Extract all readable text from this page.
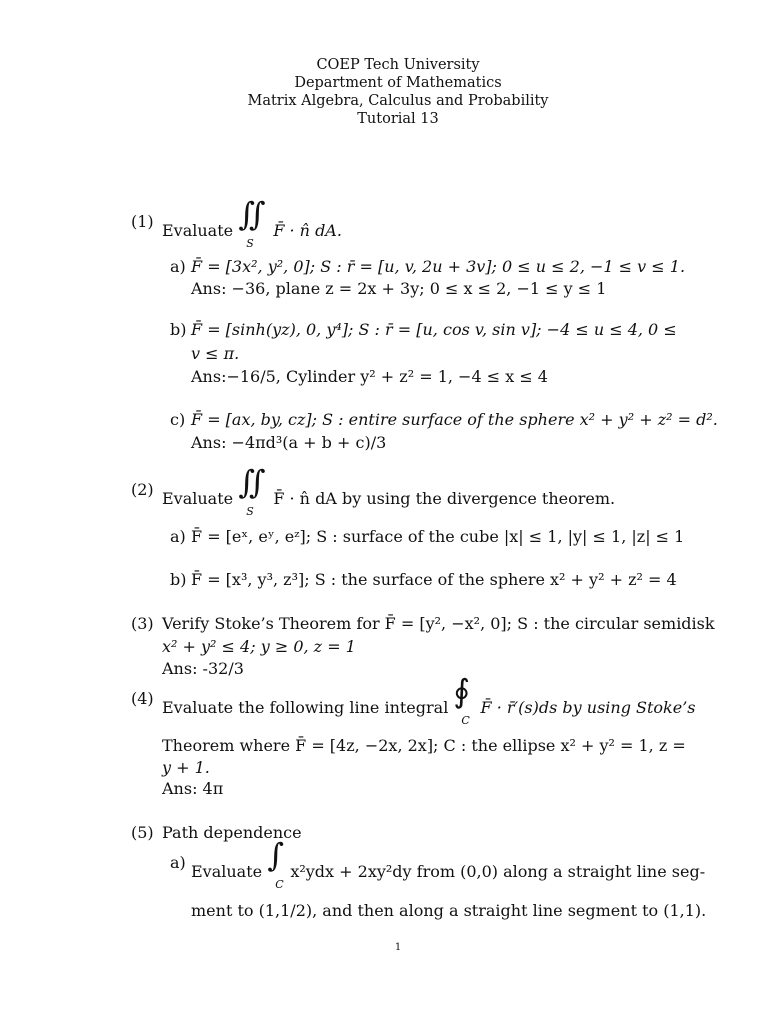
COEP Tech University
Department of Mathematics
Matrix Algebra, Calculus and Probability
Tutorial 13
(1) Evaluate ∬
S
F̄ · n̂ dA.
a) F̄ = [3x², y², 0]; S : r̄ = [u, v, 2u + 3v]; 0 ≤ u ≤ 2, −1 ≤ v ≤ 1.
Ans: −36, plane z = 2x + 3y; 0 ≤ x ≤ 2, −1 ≤ y ≤ 1
b) F̄ = [sinh(yz), 0, y⁴]; S : r̄ = [u, cos v, sin v]; −4 ≤ u ≤ 4, 0 ≤
v ≤ π.
Ans:−16/5, Cylinder y² + z² = 1, −4 ≤ x ≤ 4
c) F̄ = [ax, by, cz]; S : entire surface of the sphere x² + y² + z² = d².
Ans: −4πd³(a + b + c)/3
(2) Evaluate ∬
S
F̄ · n̂ dA by using the divergence theorem.
a) F̄ = [eˣ, eʸ, eᶻ]; S : surface of the cube |x| ≤ 1, |y| ≤ 1, |z| ≤ 1
b) F̄ = [x³, y³, z³]; S : the surface of the sphere x² + y² + z² = 4
(3) Verify Stoke’s Theorem for F̄ = [y², −x², 0]; S : the circular semidisk
x² + y² ≤ 4; y ≥ 0, z = 1
Ans: -32/3
(4) Evaluate the following line integral ∮
C
F̄ · r̄′(s)ds by using Stoke’s
Theorem where F̄ = [4z, −2x, 2x]; C : the ellipse x² + y² = 1, z =
y + 1.
Ans: 4π
(5) Path dependence
a) Evaluate ∫
C
x²ydx + 2xy²dy from (0,0) along a straight line seg-
ment to (1,1/2), and then along a straight line segment to (1,1).
1
